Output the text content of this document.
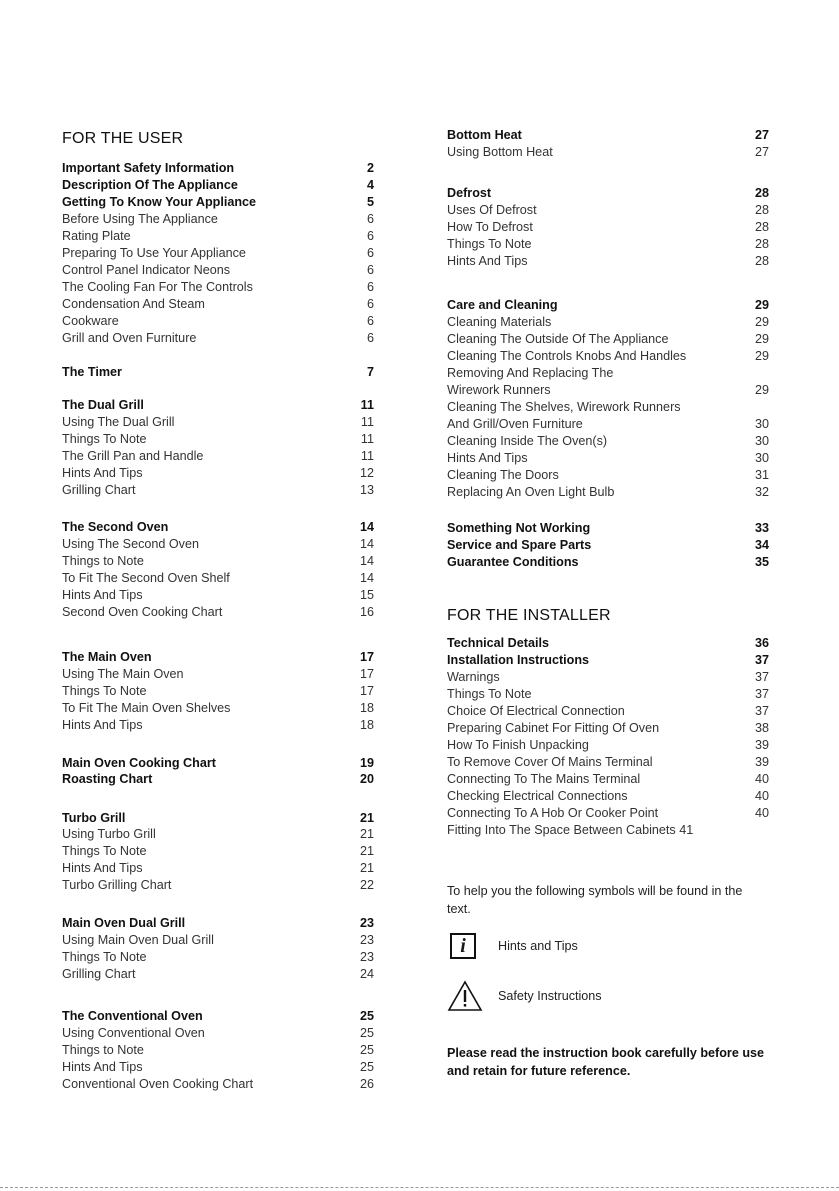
FOR THE USER
Important Safety Information	2
Description Of The Appliance	4
Getting To Know Your Appliance	5
Before Using The Appliance	6
Rating Plate	6
Preparing To Use Your Appliance	6
Control Panel Indicator Neons	6
The Cooling Fan For The Controls	6
Condensation And Steam	6
Cookware	6
Grill and Oven Furniture	6
The Timer	7
The Dual Grill	11
Using The Dual Grill	11
Things To Note	11
The Grill Pan and Handle	11
Hints And Tips	12
Grilling Chart	13
The Second Oven	14
Using The Second Oven	14
Things to Note	14
To Fit The Second Oven Shelf	14
Hints And Tips	15
Second Oven Cooking Chart	16
The Main Oven	17
Using The Main Oven	17
Things To Note	17
To Fit The Main Oven Shelves	18
Hints And Tips	18
Main Oven Cooking Chart	19
Roasting Chart	20
Turbo Grill	21
Using Turbo Grill	21
Things To Note	21
Hints And Tips	21
Turbo Grilling Chart	22
Main Oven Dual Grill	23
Using Main Oven Dual Grill	23
Things To Note	23
Grilling Chart	24
The Conventional Oven	25
Using Conventional Oven	25
Things to Note	25
Hints And Tips	25
Conventional Oven Cooking Chart	26
FOR THE INSTALLER
Bottom Heat	27
Using Bottom Heat	27
Defrost	28
Uses Of Defrost	28
How To Defrost	28
Things To Note	28
Hints And Tips	28
Care and Cleaning	29
Cleaning Materials	29
Cleaning The Outside Of The Appliance	29
Cleaning The Controls Knobs And Handles	29
Removing And Replacing The
Wirework Runners	29
Cleaning The Shelves, Wirework Runners
And Grill/Oven Furniture	30
Cleaning Inside The Oven(s)	30
Hints And Tips	30
Cleaning The Doors	31
Replacing An Oven Light Bulb	32
Something Not Working	33
Service and Spare Parts	34
Guarantee Conditions	35
Technical Details	36
Installation Instructions	37
Warnings	37
Things To Note	37
Choice Of Electrical Connection	37
Preparing Cabinet For Fitting Of Oven	38
How To Finish Unpacking	39
To Remove Cover Of Mains Terminal	39
Connecting To The Mains Terminal	40
Checking Electrical Connections	40
Connecting To A Hob Or Cooker Point	40
Fitting Into The Space Between Cabinets 41
To help you the following symbols will be found in the text.
i	Hints and Tips
Safety Instructions
Please read the instruction book carefully before use and retain for future reference.
